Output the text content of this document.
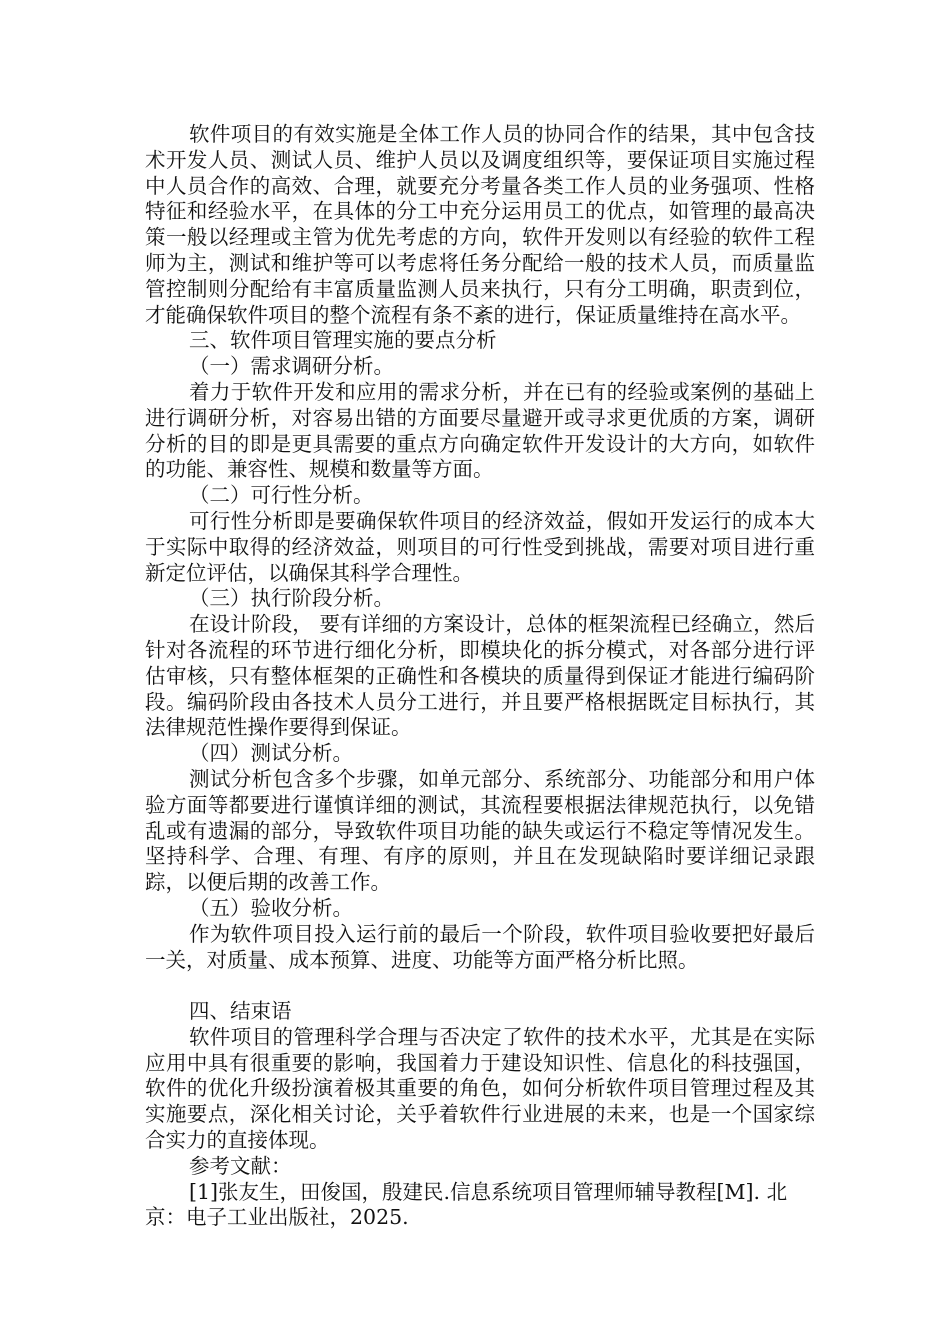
软件项目的有效实施是全体工作人员的协同合作的结果，其中包含技术开发人员、测试人员、维护人员以及调度组织等，要保证项目实施过程中人员合作的高效、合理，就要充分考量各类工作人员的业务强项、性格特征和经验水平，在具体的分工中充分运用员工的优点，如管理的最高决策一般以经理或主管为优先考虑的方向，软件开发则以有经验的软件工程师为主，测试和维护等可以考虑将任务分配给一般的技术人员，而质量监管控制则分配给有丰富质量监测人员来执行，只有分工明确，职责到位，才能确保软件项目的整个流程有条不紊的进行，保证质量维持在高水平。

三、软件项目管理实施的要点分析

（一）需求调研分析。

着力于软件开发和应用的需求分析，并在已有的经验或案例的基础上进行调研分析，对容易出错的方面要尽量避开或寻求更优质的方案，调研分析的目的即是更具需要的重点方向确定软件开发设计的大方向，如软件的功能、兼容性、规模和数量等方面。

（二）可行性分析。

可行性分析即是要确保软件项目的经济效益，假如开发运行的成本大于实际中取得的经济效益，则项目的可行性受到挑战，需要对项目进行重新定位评估，以确保其科学合理性。

（三）执行阶段分析。

在设计阶段， 要有详细的方案设计，总体的框架流程已经确立，然后针对各流程的环节进行细化分析，即模块化的拆分模式，对各部分进行评估审核，只有整体框架的正确性和各模块的质量得到保证才能进行编码阶段。编码阶段由各技术人员分工进行，并且要严格根据既定目标执行，其法律规范性操作要得到保证。

（四）测试分析。

测试分析包含多个步骤，如单元部分、系统部分、功能部分和用户体验方面等都要进行谨慎详细的测试，其流程要根据法律规范执行，以免错乱或有遗漏的部分，导致软件项目功能的缺失或运行不稳定等情况发生。坚持科学、合理、有理、有序的原则，并且在发现缺陷时要详细记录跟踪，以便后期的改善工作。

（五）验收分析。

作为软件项目投入运行前的最后一个阶段，软件项目验收要把好最后一关，对质量、成本预算、进度、功能等方面严格分析比照。

四、结束语

软件项目的管理科学合理与否决定了软件的技术水平，尤其是在实际应用中具有很重要的影响，我国着力于建设知识性、信息化的科技强国，软件的优化升级扮演着极其重要的角色，如何分析软件项目管理过程及其实施要点，深化相关讨论，关乎着软件行业进展的未来，也是一个国家综合实力的直接体现。

参考文献：

[1]张友生，田俊国，殷建民.信息系统项目管理师辅导教程[M]. 北京：电子工业出版社，2025.
